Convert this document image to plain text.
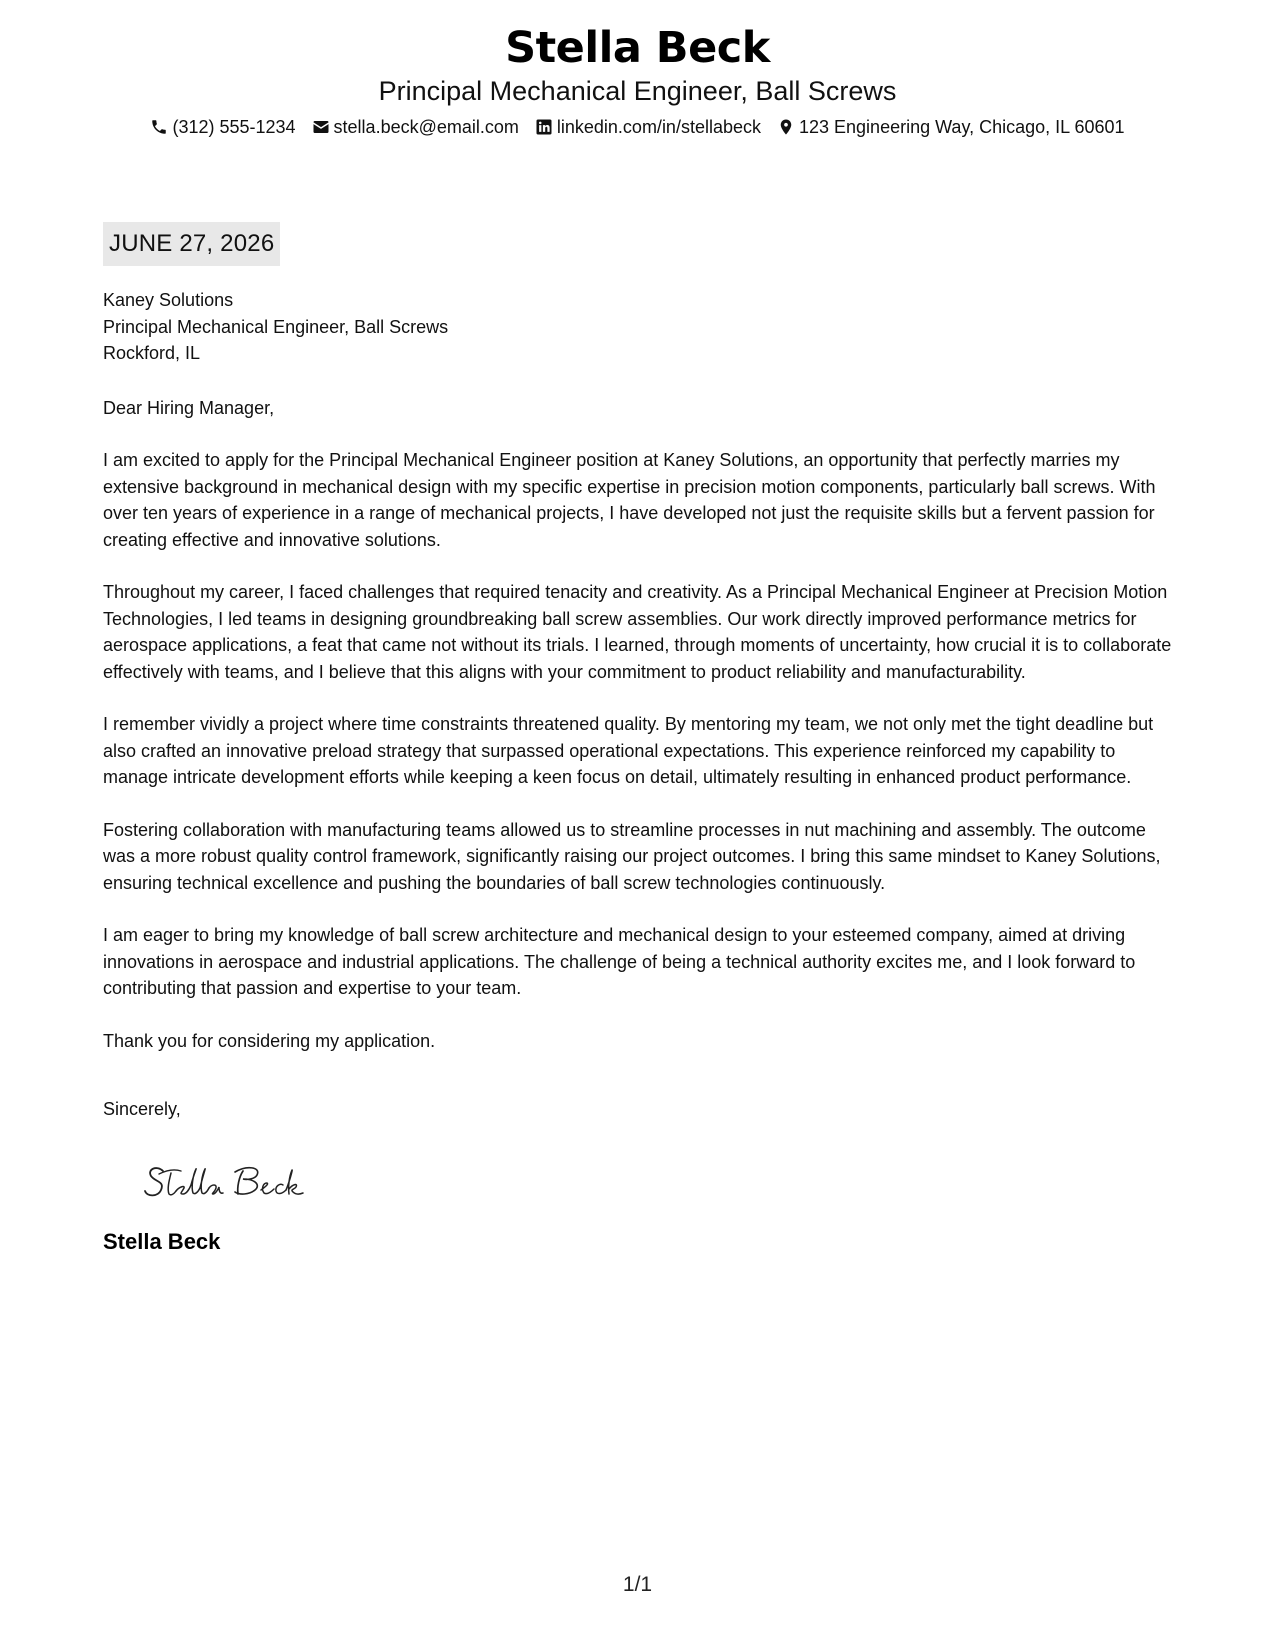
Stella Beck
Principal Mechanical Engineer, Ball Screws
(312) 555-1234 stella.beck@email.com linkedin.com/in/stellabeck 123 Engineering Way, Chicago, IL 60601
JUNE 27, 2026
Kaney Solutions
Principal Mechanical Engineer, Ball Screws
Rockford, IL
Dear Hiring Manager,

I am excited to apply for the Principal Mechanical Engineer position at Kaney Solutions, an opportunity that perfectly marries my extensive background in mechanical design with my specific expertise in precision motion components, particularly ball screws. With over ten years of experience in a range of mechanical projects, I have developed not just the requisite skills but a fervent passion for creating effective and innovative solutions.

Throughout my career, I faced challenges that required tenacity and creativity. As a Principal Mechanical Engineer at Precision Motion Technologies, I led teams in designing groundbreaking ball screw assemblies. Our work directly improved performance metrics for aerospace applications, a feat that came not without its trials. I learned, through moments of uncertainty, how crucial it is to collaborate effectively with teams, and I believe that this aligns with your commitment to product reliability and manufacturability.

I remember vividly a project where time constraints threatened quality. By mentoring my team, we not only met the tight deadline but also crafted an innovative preload strategy that surpassed operational expectations. This experience reinforced my capability to manage intricate development efforts while keeping a keen focus on detail, ultimately resulting in enhanced product performance.

Fostering collaboration with manufacturing teams allowed us to streamline processes in nut machining and assembly. The outcome was a more robust quality control framework, significantly raising our project outcomes. I bring this same mindset to Kaney Solutions, ensuring technical excellence and pushing the boundaries of ball screw technologies continuously.

I am eager to bring my knowledge of ball screw architecture and mechanical design to your esteemed company, aimed at driving innovations in aerospace and industrial applications. The challenge of being a technical authority excites me, and I look forward to contributing that passion and expertise to your team.

Thank you for considering my application.
Sincerely,
Stella Beck
1/1
